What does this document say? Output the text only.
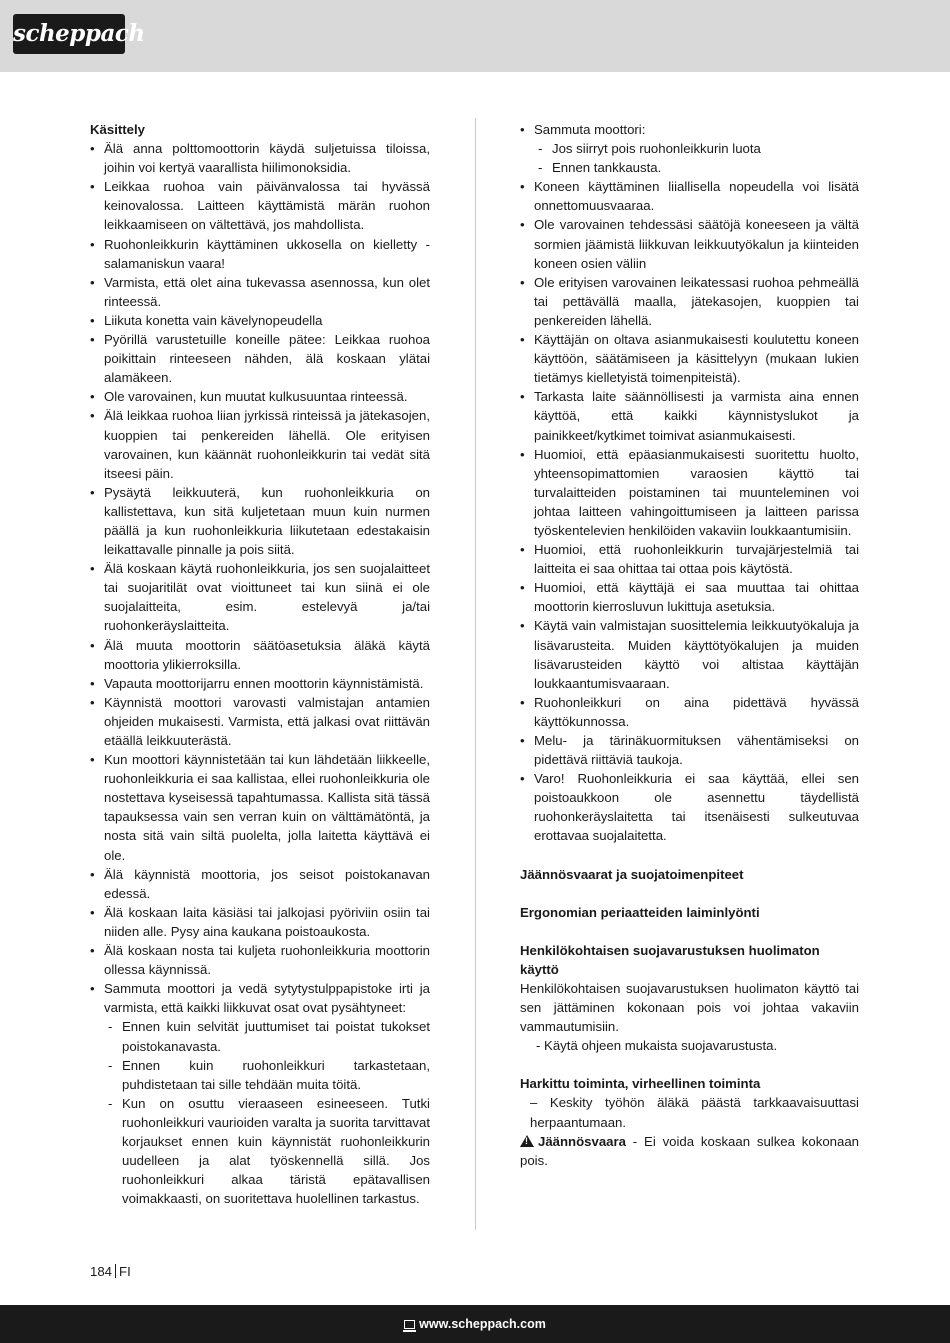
scheppach
Käsittely
• Älä anna polttomoottorin käydä suljetuissa tiloissa, joihin voi kertyä vaarallista hiilimonoksidia.
• Leikkaa ruohoa vain päivänvalossa tai hyvässä keinovalossa. Laitteen käyttämistä märän ruohon leikkaamiseen on vältettävä, jos mahdollista.
• Ruohonleikkurin käyttäminen ukkosella on kielletty - salamaniskun vaara!
• Varmista, että olet aina tukevassa asennossa, kun olet rinteessä.
• Liikuta konetta vain kävelynopeudella
• Pyörillä varustetuille koneille pätee: Leikkaa ruohoa poikittain rinteeseen nähden, älä koskaan ylätai alamäkeen.
• Ole varovainen, kun muutat kulkusuuntaa rinteessä.
• Älä leikkaa ruohoa liian jyrkissä rinteissä ja jätekasojen, kuoppien tai penkereiden lähellä. Ole erityisen varovainen, kun käännät ruohonleikkurin tai vedät sitä itseesi päin.
• Pysäytä leikkuuterä, kun ruohonleikkuria on kallistettava, kun sitä kuljetetaan muun kuin nurmen päällä ja kun ruohonleikkuria liikutetaan edestakaisin leikattavalle pinnalle ja pois siitä.
• Älä koskaan käytä ruohonleikkuria, jos sen suojalaitteet tai suojaritilät ovat vioittuneet tai kun siinä ei ole suojalaitteita, esim. estelevyä ja/tai ruohonkeräyslaitteita.
• Älä muuta moottorin säätöasetuksia äläkä käytä moottoria ylikierroksilla.
• Vapauta moottorijarru ennen moottorin käynnistämistä.
• Käynnistä moottori varovasti valmistajan antamien ohjeiden mukaisesti. Varmista, että jalkasi ovat riittävän etäällä leikkuuterästä.
• Kun moottori käynnistetään tai kun lähdetään liikkeelle, ruohonleikkuria ei saa kallistaa, ellei ruohonleikkuria ole nostettava kyseisessä tapahtumassa. Kallista sitä tässä tapauksessa vain sen verran kuin on välttämätöntä, ja nosta sitä vain siltä puolelta, jolla laitetta käyttävä ei ole.
• Älä käynnistä moottoria, jos seisot poistokanavan edessä.
• Älä koskaan laita käsiäsi tai jalkojasi pyöriviin osiin tai niiden alle. Pysy aina kaukana poistoaukosta.
• Älä koskaan nosta tai kuljeta ruohonleikkuria moottorin ollessa käynnissä.
• Sammuta moottori ja vedä sytytystulppapistoke irti ja varmista, että kaikki liikkuvat osat ovat pysähtyneet:
- Ennen kuin selvität juuttumiset tai poistat tukokset poistokanavasta.
- Ennen kuin ruohonleikkuri tarkastetaan, puhdistetaan tai sille tehdään muita töitä.
- Kun on osuttu vieraaseen esineeseen. Tutki ruohonleikkuri vaurioiden varalta ja suorita tarvittavat korjaukset ennen kuin käynnistät ruohonleikkurin uudelleen ja alat työskennellä sillä. Jos ruohonleikkuri alkaa täristä epätavallisen voimakkaasti, on suoritettava huolellinen tarkastus.
• Sammuta moottori:
- Jos siirryt pois ruohonleikkurin luota
- Ennen tankkausta.
• Koneen käyttäminen liiallisella nopeudella voi lisätä onnettomuusvaaraa.
• Ole varovainen tehdessäsi säätöjä koneeseen ja vältä sormien jäämistä liikkuvan leikkuutyökalun ja kiinteiden koneen osien väliin
• Ole erityisen varovainen leikatessasi ruohoa pehmeällä tai pettävällä maalla, jätekasojen, kuoppien tai penkereiden lähellä.
• Käyttäjän on oltava asianmukaisesti koulutettu koneen käyttöön, säätämiseen ja käsittelyyn (mukaan lukien tietämys kielletyistä toimenpiteistä).
• Tarkasta laite säännöllisesti ja varmista aina ennen käyttöä, että kaikki käynnistyslukot ja painikkeet/kytkimet toimivat asianmukaisesti.
• Huomioi, että epäasianmukaisesti suoritettu huolto, yhteensopimattomien varaosien käyttö tai turvalaitteiden poistaminen tai muunteleminen voi johtaa laitteen vahingoittumiseen ja laitteen parissa työskentelevien henkilöiden vakaviin loukkaantumisiin.
• Huomioi, että ruohonleikkurin turvajärjestelmiä tai laitteita ei saa ohittaa tai ottaa pois käytöstä.
• Huomioi, että käyttäjä ei saa muuttaa tai ohittaa moottorin kierrosluvun lukittuja asetuksia.
• Käytä vain valmistajan suosittelemia leikkuutyökaluja ja lisävarusteita. Muiden käyttötyökalujen ja muiden lisävarusteiden käyttö voi altistaa käyttäjän loukkaantumisvaaraan.
• Ruohonleikkuri on aina pidettävä hyvässä käyttökunnossa.
• Melu- ja tärinäkuormituksen vähentämiseksi on pidettävä riittäviä taukoja.
• Varo! Ruohonleikkuria ei saa käyttää, ellei sen poistoaukkoon ole asennettu täydellistä ruohonkeräyslaitetta tai itsenäisesti sulkeutuvaa erottavaa suojalaitetta.
Jäännösvaarat ja suojatoimenpiteet
Ergonomian periaatteiden laiminlyönti
Henkilökohtaisen suojavarustuksen huolimaton käyttö
Henkilökohtaisen suojavarustuksen huolimaton käyttö tai sen jättäminen kokonaan pois voi johtaa vakaviin vammautumisiin.
- Käytä ohjeen mukaista suojavarustusta.
Harkittu toiminta, virheellinen toiminta
– Keskity työhön äläkä päästä tarkkaavaisuuttasi herpaantumaan.
!Jäännösvaara - Ei voida koskaan sulkea kokonaan pois.
184 FI
www.scheppach.com
